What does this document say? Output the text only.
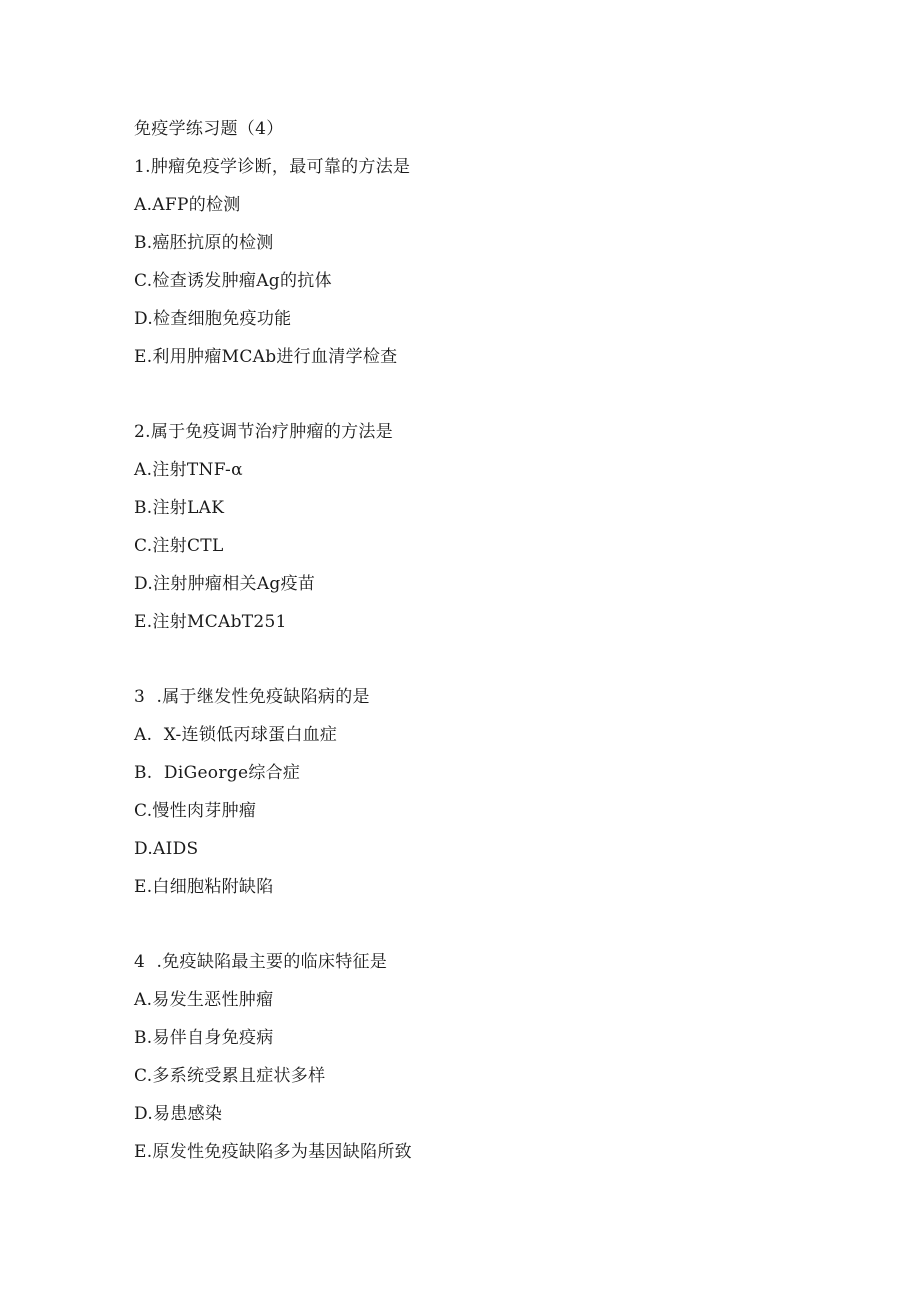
免疫学练习题（4）
1.肿瘤免疫学诊断，最可靠的方法是
A.AFP的检测
B.癌胚抗原的检测
C.检查诱发肿瘤Ag的抗体
D.检查细胞免疫功能
E.利用肿瘤MCAb进行血清学检查
2.属于免疫调节治疗肿瘤的方法是
A.注射TNF-α
B.注射LAK
C.注射CTL
D.注射肿瘤相关Ag疫苗
E.注射MCAbT251
3  .属于继发性免疫缺陷病的是
A.  X-连锁低丙球蛋白血症
B.  DiGeorge综合症
C.慢性肉芽肿瘤
D.AIDS
E.白细胞粘附缺陷
4  .免疫缺陷最主要的临床特征是
A.易发生恶性肿瘤
B.易伴自身免疫病
C.多系统受累且症状多样
D.易患感染
E.原发性免疫缺陷多为基因缺陷所致
